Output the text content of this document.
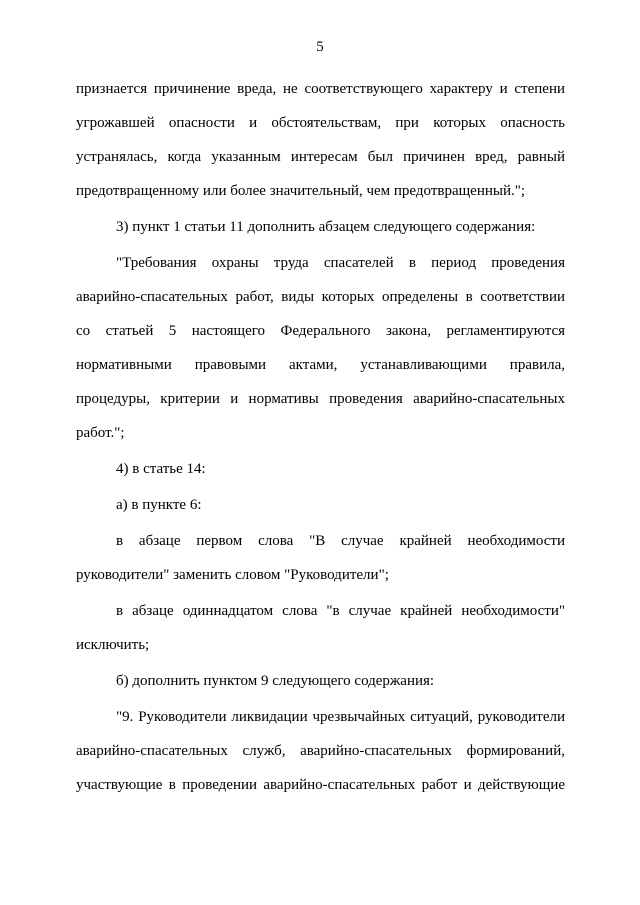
5

признается причинение вреда, не соответствующего характеру и степени
угрожавшей опасности и обстоятельствам, при которых опасность
устранялась, когда указанным интересам был причинен вред, равный
предотвращенному или более значительный, чем предотвращенный.";

3) пункт 1 статьи 11 дополнить абзацем следующего содержания:

"Требования охраны труда спасателей в период проведения
аварийно-спасательных работ, виды которых определены в соответствии
со статьей 5 настоящего Федерального закона, регламентируются
нормативными правовыми актами, устанавливающими правила,
процедуры, критерии и нормативы проведения аварийно-спасательных
работ.";

4) в статье 14:

а) в пункте 6:

в абзаце первом слова "В случае крайней необходимости
руководители" заменить словом "Руководители";

в абзаце одиннадцатом слова "в случае крайней необходимости"
исключить;

б) дополнить пунктом 9 следующего содержания:

"9. Руководители ликвидации чрезвычайных ситуаций, руководители
аварийно-спасательных служб, аварийно-спасательных формирований,
участвующие в проведении аварийно-спасательных работ и действующие
